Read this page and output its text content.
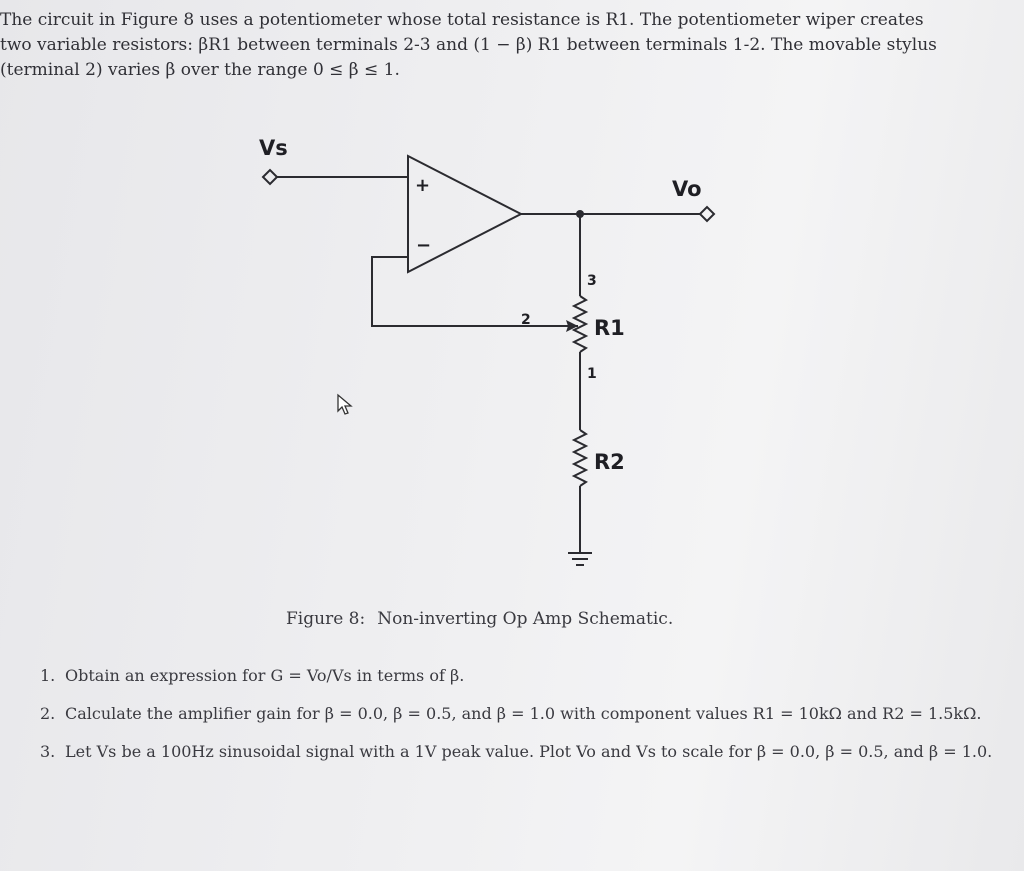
The circuit in Figure 8 uses a potentiometer whose total resistance is R1. The potentiometer wiper creates

two variable resistors: βR1 between terminals 2-3 and (1 − β) R1 between terminals 1-2. The movable stylus

(terminal 2) varies β over the range 0 ≤ β ≤ 1.

Vs
Vo
+
−
R1
R2
3
2
1
Figure 8: Non-inverting Op Amp Schematic.
1. Obtain an expression for G = Vo/Vs in terms of β.
2. Calculate the amplifier gain for β = 0.0, β = 0.5, and β = 1.0 with component values R1 = 10kΩ and R2 = 1.5kΩ.
3. Let Vs be a 100Hz sinusoidal signal with a 1V peak value. Plot Vo and Vs to scale for β = 0.0, β = 0.5, and β = 1.0.
